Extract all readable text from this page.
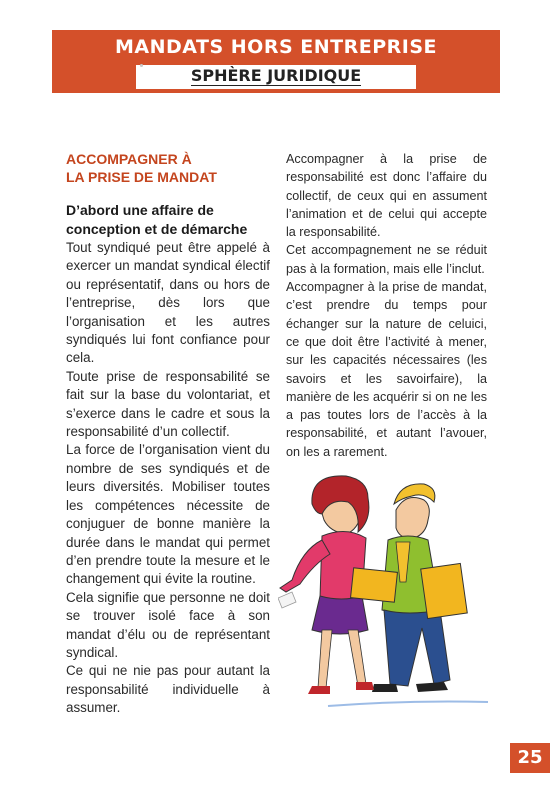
MANDATS HORS ENTREPRISE
SPHÈRE JURIDIQUE
ACCOMPAGNER À
LA PRISE DE MANDAT
D’abord une affaire de conception et de démarche

Tout syndiqué peut être appelé à exercer un mandat syndical électif ou représentatif, dans ou hors de l’entreprise, dès lors que l’organisation et les autres syndiqués lui font confiance pour cela.

Toute prise de responsabilité se fait sur la base du volontariat, et s’exerce dans le cadre et sous la responsabilité d’un collectif.

La force de l’organisation vient du nombre de ses syndiqués et de leurs diversités. Mobiliser toutes les compétences nécessite de conjuguer de bonne manière la durée dans le mandat qui permet d’en prendre toute la mesure et le changement qui évite la routine.

Cela signifie que personne ne doit se trouver isolé face à son mandat d’élu ou de représentant syndical.

Ce qui ne nie pas pour autant la responsabilité individuelle à assumer.

Accompagner à la prise de responsabilité est donc l’affaire du collectif, de ceux qui en assument l’animation et de celui qui accepte la responsabilité.

Cet accompagnement ne se réduit pas à la formation, mais elle l’inclut.

Accompagner à la prise de mandat, c’est prendre du temps pour échanger sur la nature de celuici, ce que doit être l’activité à mener, sur les capacités nécessaires (les savoirs et les savoirfaire), la manière de les acquérir si on ne les a pas toutes lors de l’accès à la responsabilité, et autant l’avouer, on les a rarement.

25
